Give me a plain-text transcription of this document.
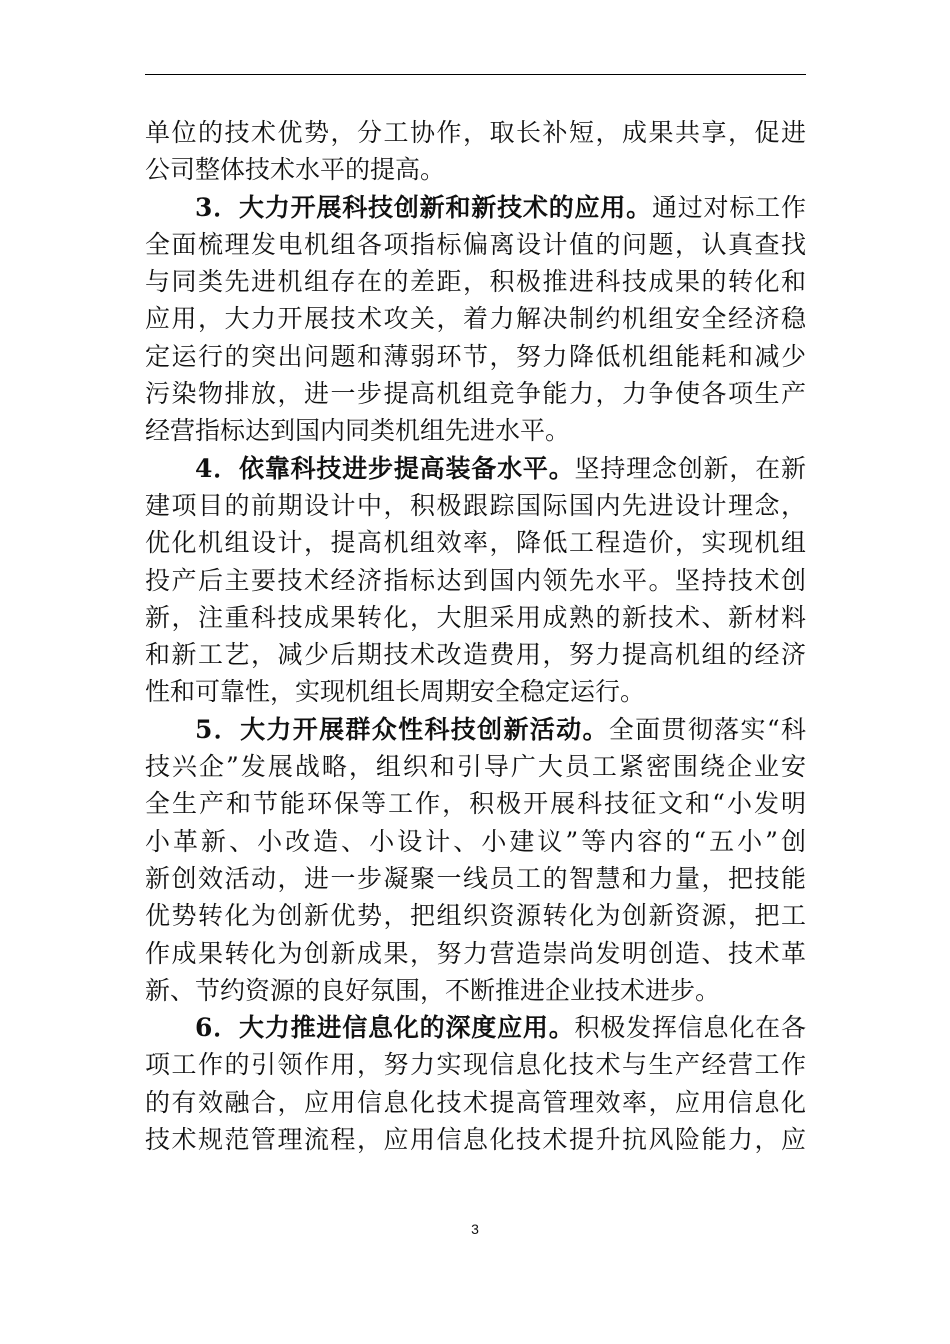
单位的技术优势，分工协作，取长补短，成果共享，促进
公司整体技术水平的提高。
3．大力开展科技创新和新技术的应用。通过对标工作
全面梳理发电机组各项指标偏离设计值的问题，认真查找
与同类先进机组存在的差距，积极推进科技成果的转化和
应用，大力开展技术攻关，着力解决制约机组安全经济稳
定运行的突出问题和薄弱环节，努力降低机组能耗和减少
污染物排放，进一步提高机组竞争能力，力争使各项生产
经营指标达到国内同类机组先进水平。
4．依靠科技进步提高装备水平。坚持理念创新，在新
建项目的前期设计中，积极跟踪国际国内先进设计理念，
优化机组设计，提高机组效率，降低工程造价，实现机组
投产后主要技术经济指标达到国内领先水平。坚持技术创
新，注重科技成果转化，大胆采用成熟的新技术、新材料
和新工艺，减少后期技术改造费用，努力提高机组的经济
性和可靠性，实现机组长周期安全稳定运行。
5．大力开展群众性科技创新活动。全面贯彻落实“科
技兴企”发展战略，组织和引导广大员工紧密围绕企业安
全生产和节能环保等工作，积极开展科技征文和“小发明
小革新、小改造、小设计、小建议”等内容的“五小”创
新创效活动，进一步凝聚一线员工的智慧和力量，把技能
优势转化为创新优势，把组织资源转化为创新资源，把工
作成果转化为创新成果，努力营造崇尚发明创造、技术革
新、节约资源的良好氛围，不断推进企业技术进步。
6．大力推进信息化的深度应用。积极发挥信息化在各
项工作的引领作用，努力实现信息化技术与生产经营工作
的有效融合，应用信息化技术提高管理效率，应用信息化
技术规范管理流程，应用信息化技术提升抗风险能力，应
3
